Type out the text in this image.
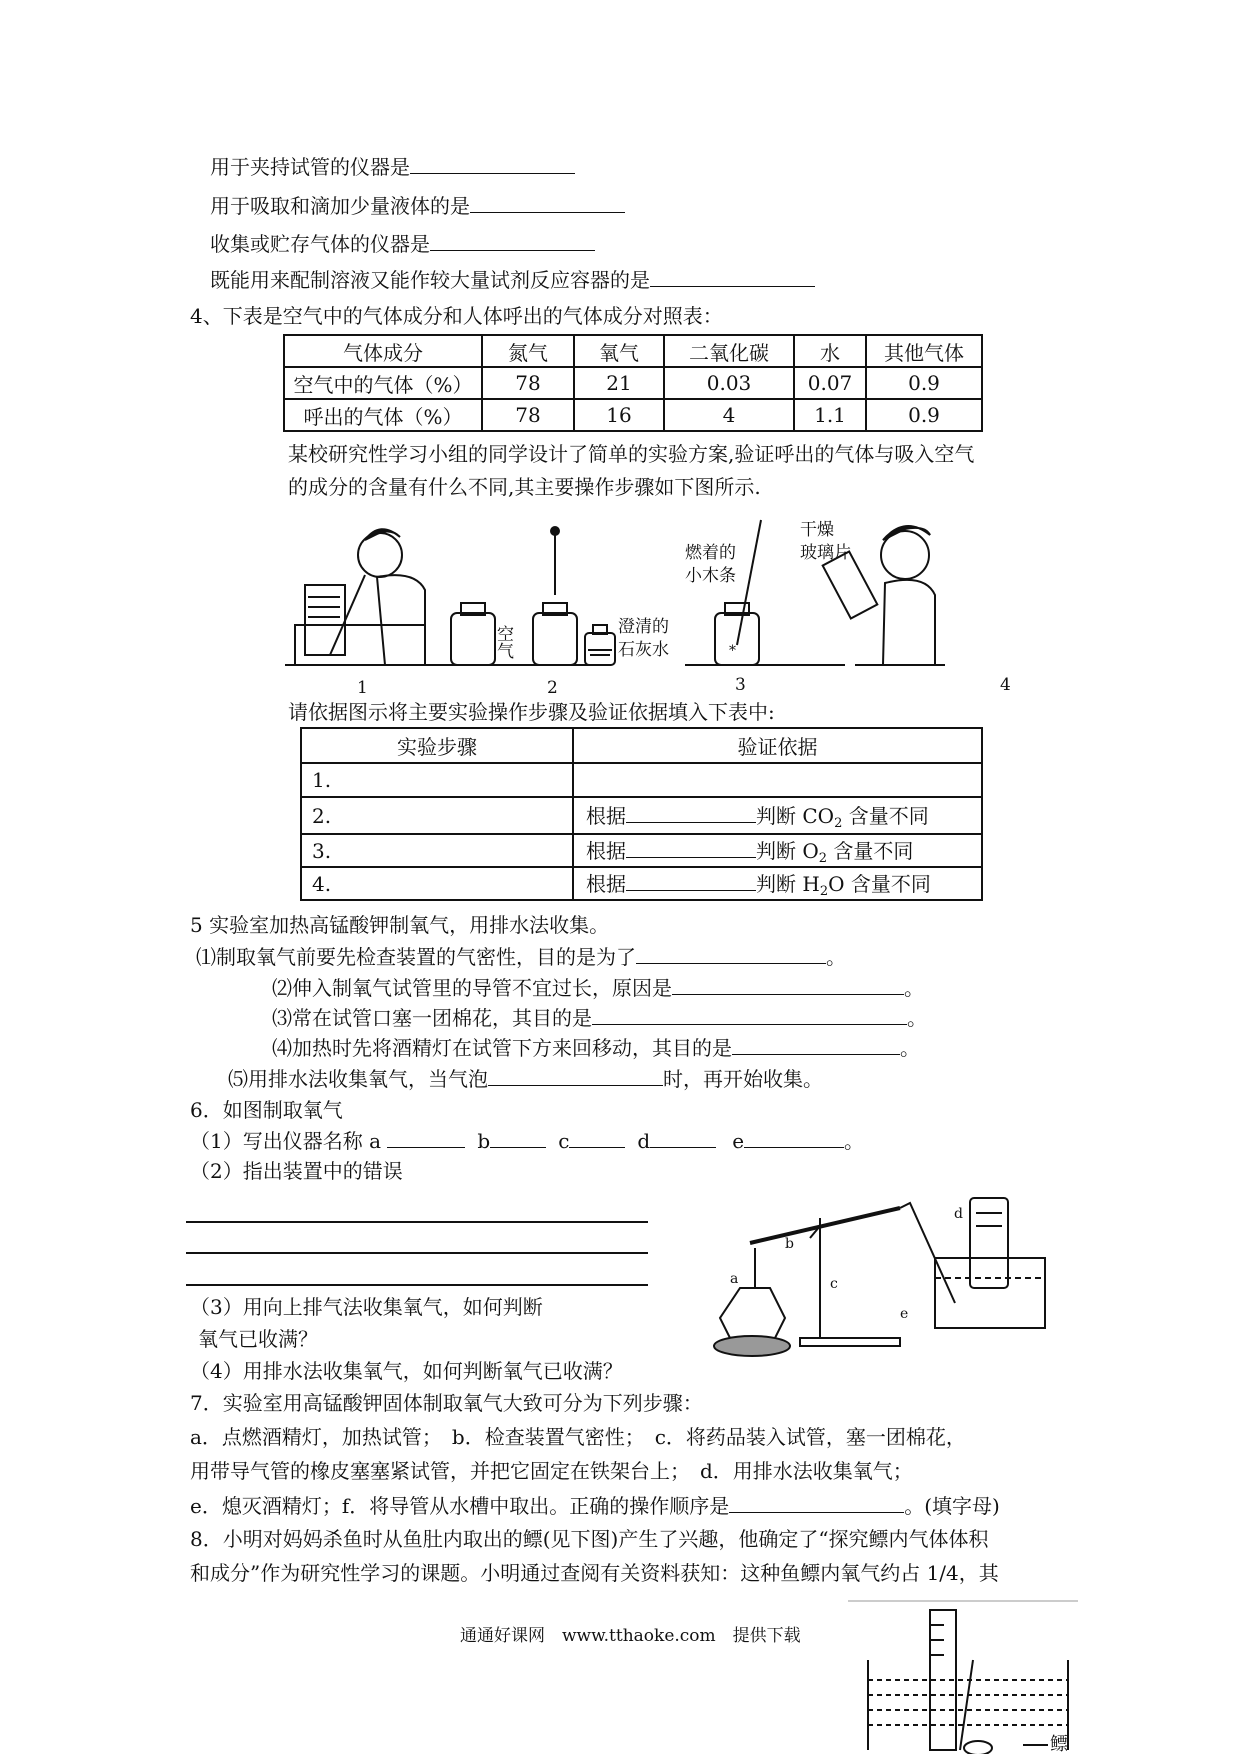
用于夹持试管的仪器是
用于吸取和滴加少量液体的是
收集或贮存气体的仪器是
既能用来配制溶液又能作较大量试剂反应容器的是
4、下表是空气中的气体成分和人体呼出的气体成分对照表：
气体成分	氮气	氧气	二氧化碳	水	其他气体
空气中的气体（%）	78	21	0.03	0.07	0.9
呼出的气体（%）	78	16	4	1.1	0.9
某校研究性学习小组的同学设计了简单的实验方案,验证呼出的气体与吸入空气
的成分的含量有什么不同,其主要操作步骤如下图所示.
*
空气
1
澄清的
石灰水
2
燃着的
小木条
3
干燥
玻璃片
4
请依据图示将主要实验操作步骤及验证依据填入下表中:
实验步骤	验证依据
1.	
2.	根据 判断 $CO_2$ 含量不同
3.	根据 判断 $O_2$ 含量不同
4.	根据 判断 $H_2O$ 含量不同
5 实验室加热高锰酸钾制氧气，用排水法收集。
⑴制取氧气前要先检查装置的气密性，目的是为了	。
⑵伸入制氧气试管里的导管不宜过长，原因是	。
⑶常在试管口塞一团棉花，其目的是	。
⑷加热时先将酒精灯在试管下方来回移动，其目的是	。
⑸用排水法收集氧气，当气泡	时，再开始收集。
6．如图制取氧气
（1）写出仪器名称 a	b	c	d	e	。
（2）指出装置中的错误
（3）用向上排气法收集氧气，如何判断
氧气已收满？
（4）用排水法收集氧气，如何判断氧气已收满？
a
b
c
d
e
7．实验室用高锰酸钾固体制取氧气大致可分为下列步骤：
a．点燃酒精灯，加热试管；　b．检查装置气密性；　c．将药品装入试管，塞一团棉花，
用带导气管的橡皮塞塞紧试管，并把它固定在铁架台上；　d．用排水法收集氧气；
e．熄灭酒精灯；f．将导管从水槽中取出。正确的操作顺序是	。(填字母)
8．小明对妈妈杀鱼时从鱼肚内取出的鳔(见下图)产生了兴趣，他确定了“探究鳔内气体体积
和成分”作为研究性学习的课题。小明通过查阅有关资料获知：这种鱼鳔内氧气约占 1/4，其
通通好课网　www.tthaoke.com　提供下载
鳔
